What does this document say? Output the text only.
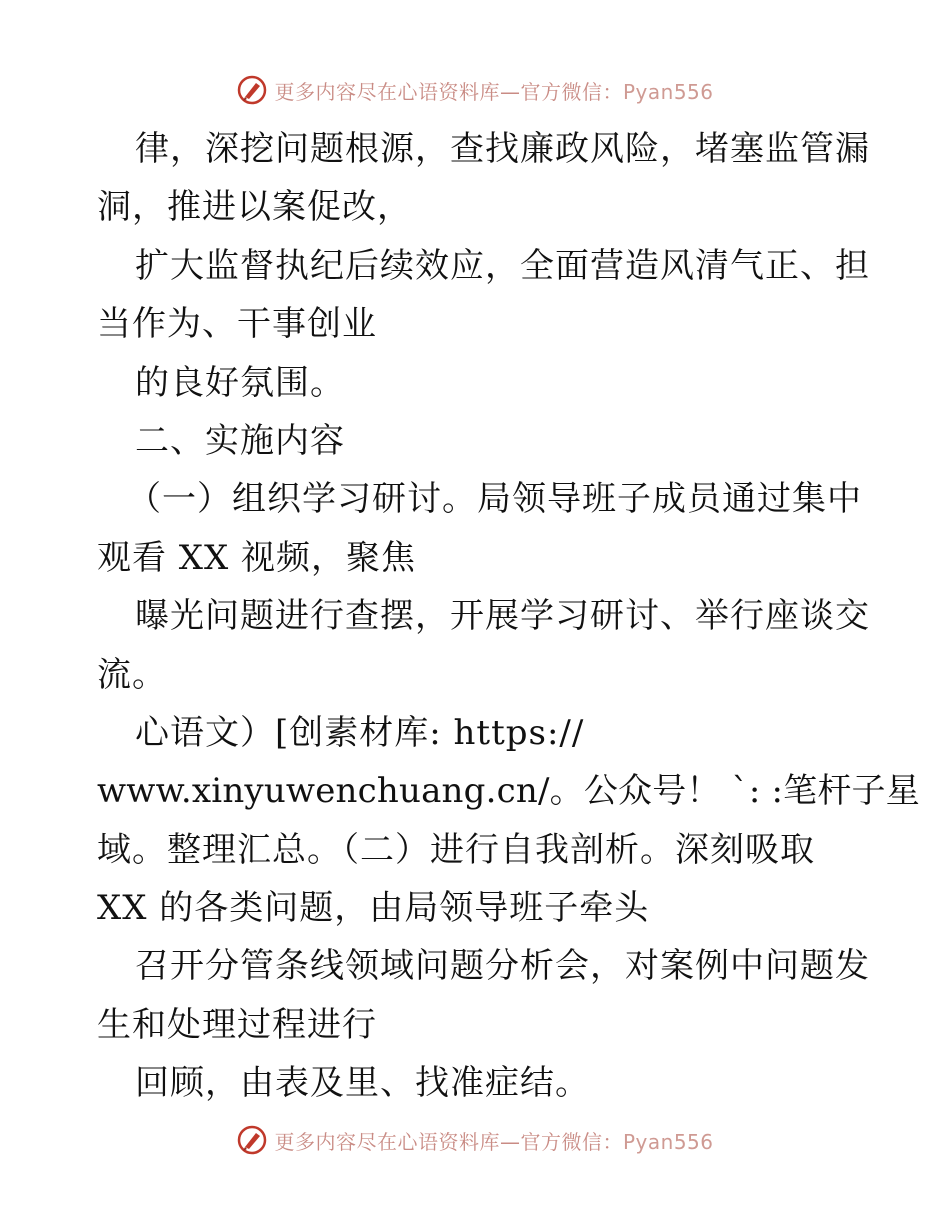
更多内容尽在心语资料库—官方微信：Pyan556
律，深挖问题根源，查找廉政风险，堵塞监管漏
洞，推进以案促改，
扩大监督执纪后续效应，全面营造风清气正、担
当作为、干事创业
的良好氛围。
二、实施内容
（一）组织学习研讨。局领导班子成员通过集中
观看 XX 视频，聚焦
曝光问题进行查摆，开展学习研讨、举行座谈交
流。
心语文）[创素材库: https://
www.xinyuwenchuang.cn/。公众号！ `: :笔杆子星
域。整理汇总。（二）进行自我剖析。深刻吸取
XX 的各类问题，由局领导班子牵头
召开分管条线领域问题分析会，对案例中问题发
生和处理过程进行
回顾，由表及里、找准症结。
更多内容尽在心语资料库—官方微信：Pyan556
